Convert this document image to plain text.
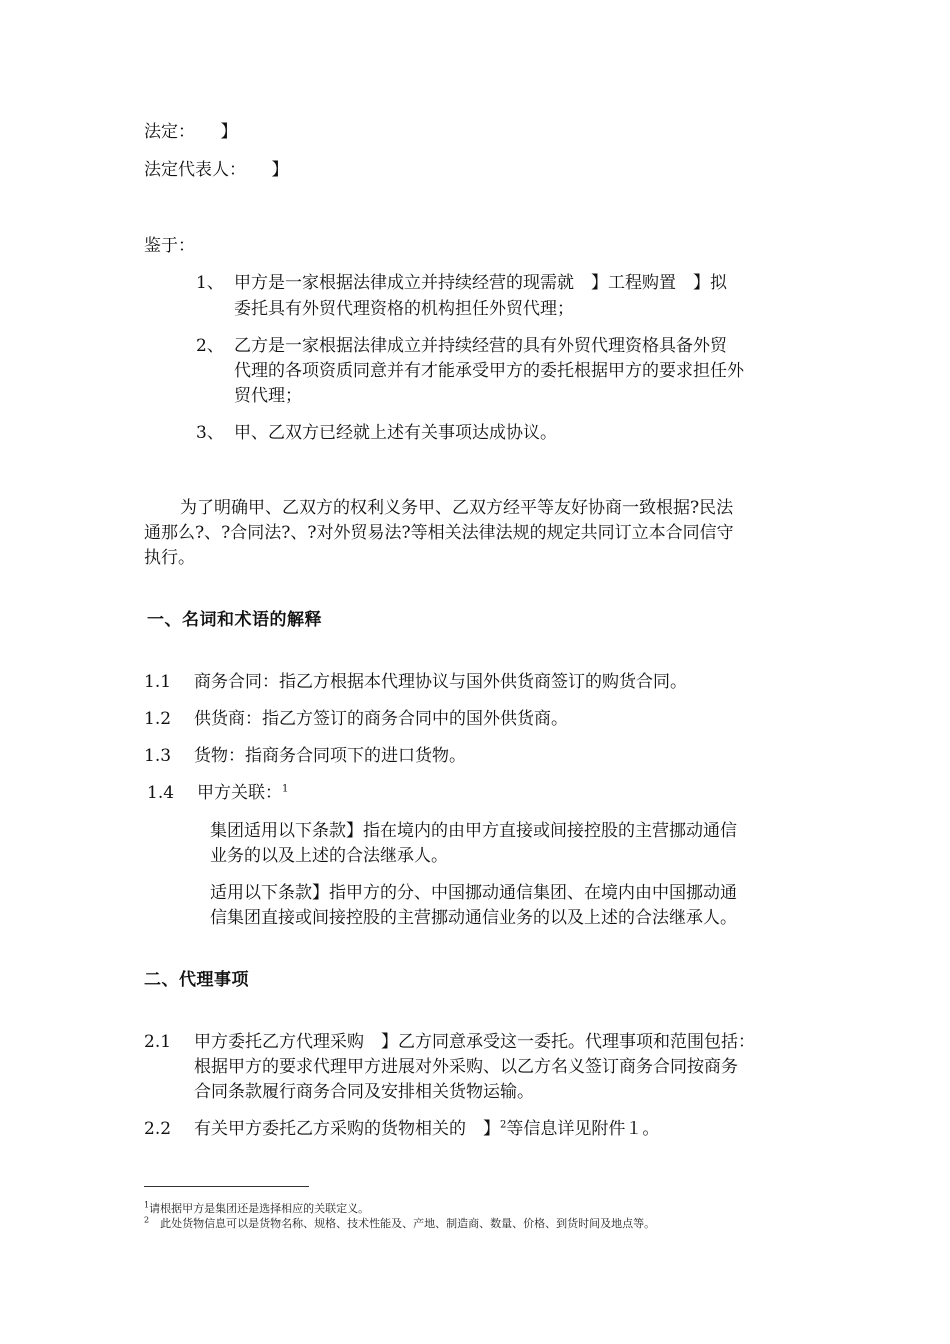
法定：　　】

法定代表人：　　】

鉴于：

1、 甲方是一家根据法律成立并持续经营的现需就　】工程购置　】拟

委托具有外贸代理资格的机构担任外贸代理；

2、 乙方是一家根据法律成立并持续经营的具有外贸代理资格具备外贸

代理的各项资质同意并有才能承受甲方的委托根据甲方的要求担任外

贸代理；

3、 甲、乙双方已经就上述有关事项达成协议。

为了明确甲、乙双方的权利义务甲、乙双方经平等友好协商一致根据?民法

通那么?、?合同法?、?对外贸易法?等相关法律法规的规定共同订立本合同信守

执行。

一、名词和术语的解释

1.1 商务合同：指乙方根据本代理协议与国外供货商签订的购货合同。

1.2 供货商：指乙方签订的商务合同中的国外供货商。

1.3 货物：指商务合同项下的进口货物。

1.4 甲方关联：$^1$

集团适用以下条款】指在境内的由甲方直接或间接控股的主营挪动通信

业务的以及上述的合法继承人。

适用以下条款】指甲方的分、中国挪动通信集团、在境内由中国挪动通

信集团直接或间接控股的主营挪动通信业务的以及上述的合法继承人。

二、代理事项

2.1 甲方委托乙方代理采购　】乙方同意承受这一委托。代理事项和范围包括：

根据甲方的要求代理甲方进展对外采购、以乙方名义签订商务合同按商务

合同条款履行商务合同及安排相关货物运输。

2.2 有关甲方委托乙方采购的货物相关的　】$^2$等信息详见附件１。

$^1$请根据甲方是集团还是选择相应的关联定义。

$^2$　此处货物信息可以是货物名称、规格、技术性能及、产地、制造商、数量、价格、到货时间及地点等。
